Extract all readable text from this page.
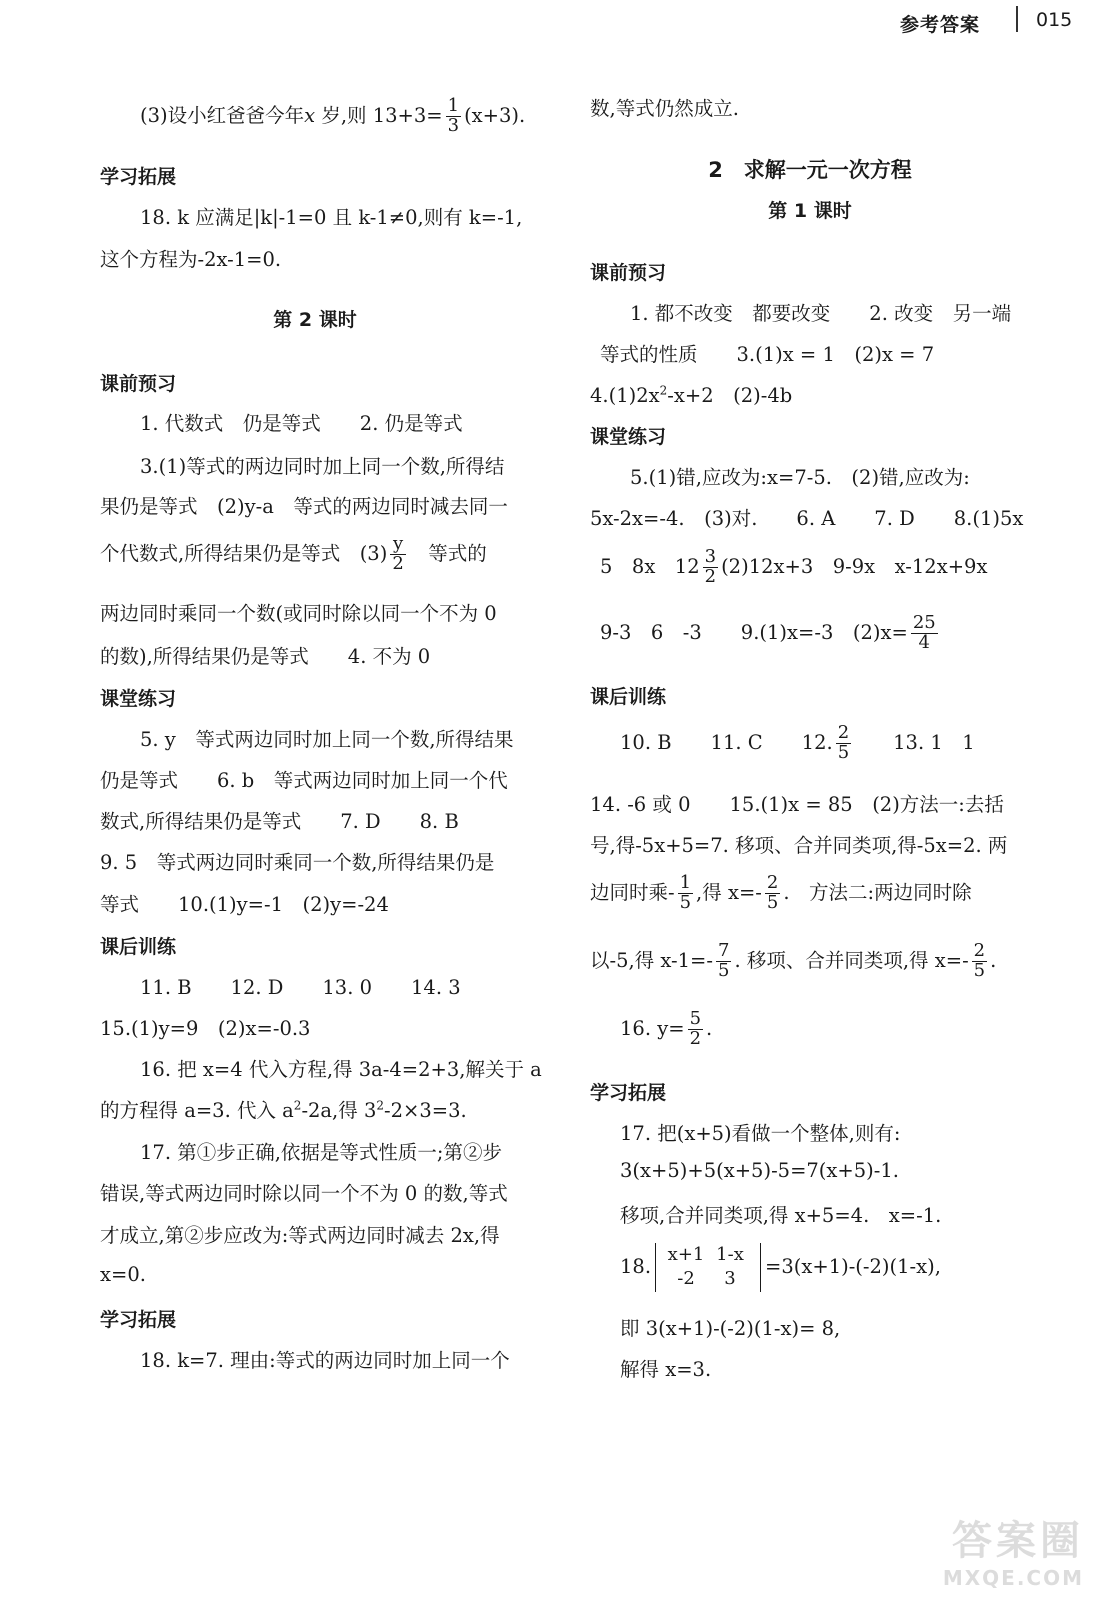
参考答案	015
(3)设小红爸爸今年x 岁,则 $13+3= \frac{1}{3} (x+3)$.
学习拓展
18. k 应满足|k|-1=0 且 k-1≠0,则有 k=-1,
这个方程为-2x-1=0.
第 2 课时
课前预习
1. 代数式　仍是等式　　2. 仍是等式
3.(1)等式的两边同时加上同一个数,所得结
果仍是等式　(2)y-a　等式的两边同时减去同一
个代数式,所得结果仍是等式　$(3) \frac{y}{2}$ 　等式的
两边同时乘同一个数(或同时除以同一个不为 0
的数),所得结果仍是等式　　4. 不为 0
课堂练习
5. y　等式两边同时加上同一个数,所得结果
仍是等式　　6. b　等式两边同时加上同一个代
数式,所得结果仍是等式　　7. D　　8. B
9. 5　等式两边同时乘同一个数,所得结果仍是
等式　　10.(1)y=-1　(2)y=-24
课后训练
11. B　　12. D　　13. 0　　14. 3
15.(1)y=9　(2)x=-0.3
16. 把 x=4 代入方程,得 3a-4=2+3,解关于 a
的方程得 a=3. 代入 $a^2-2a$,得 $3^2-2\times 3=3$.
17. 第①步正确,依据是等式性质一;第②步
错误,等式两边同时除以同一个不为 0 的数,等式
才成立,第②步应改为:等式两边同时减去 2x,得
x=0.
学习拓展
18. k=7. 理由:等式的两边同时加上同一个
数,等式仍然成立.
2　求解一元一次方程
第 1 课时
课前预习
1. 都不改变　都要改变　　2. 改变　另一端
等式的性质　　3.(1)x = 1　(2)x = 7
$4.(1)2x^2-x+2$　(2)-4b
课堂练习
5.(1)错,应改为:x=7-5.　(2)错,应改为:
5x-2x=-4.　(3)对.　　6. A　　7. D　　8.(1)5x
5　8x　$12 \frac{3}{2} (2)12x+3$　9-9x　x-12x+9x
9-3　6　-3　　9.(1)x=-3　$(2)x= \frac{25}{4}$
课后训练
10. B　　11. C　　12. $\frac{2}{5}$ 　　13. 1　1
14. -6 或 0　　15.(1)x = 85　(2)方法一:去括
号,得-5x+5=7. 移项、合并同类项,得-5x=2. 两
边同时乘- $\frac{1}{5}$ ,得 $x=- \frac{2}{5}$ .　方法二:两边同时除
以-5,得 $x-1=- \frac{7}{5}$ . 移项、合并同类项,得 $x=- \frac{2}{5}$ .
16. $y= \frac{5}{2}$ .
学习拓展
17. 把(x+5)看做一个整体,则有:
3(x+5)+5(x+5)-5=7(x+5)-1.
移项,合并同类项,得 x+5=4.　x=-1.
18.
x+1 1-x
-2 3
=3(x+1)-(-2)(1-x),
即 3(x+1)-(-2)(1-x)= 8,
解得 x=3.
答案圈
MXQE.COM
